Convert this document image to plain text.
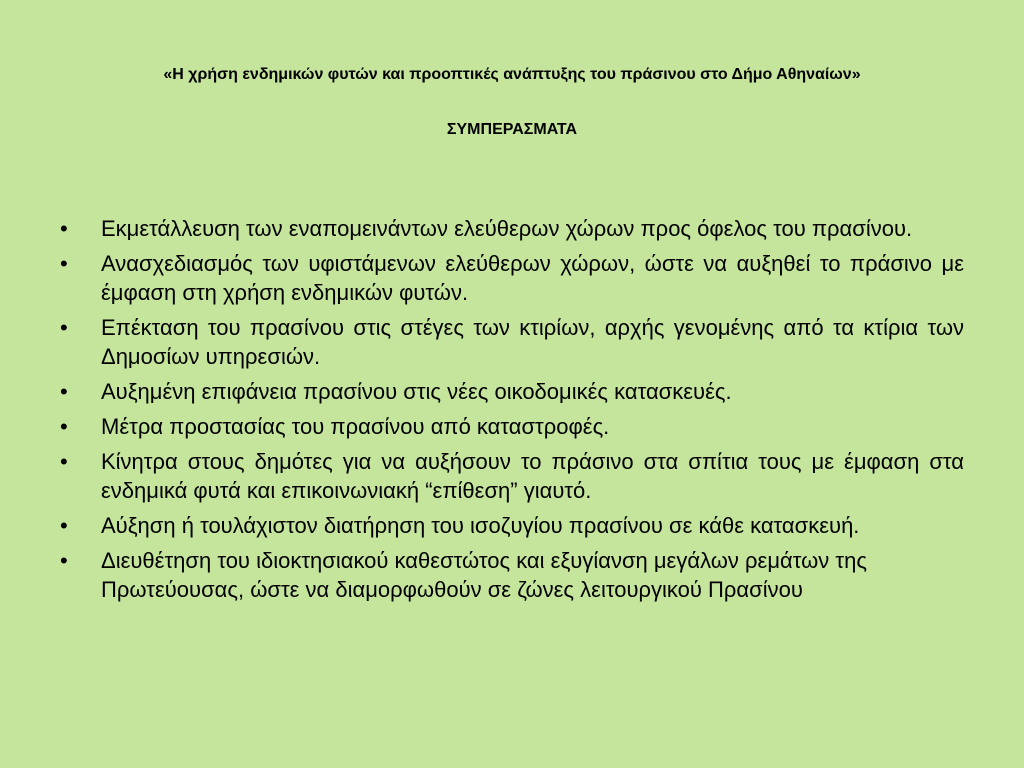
«Η χρήση ενδημικών φυτών και προοπτικές ανάπτυξης του πράσινου στο Δήμο Αθηναίων»
ΣΥΜΠΕΡΑΣΜΑΤΑ
•	Εκμετάλλευση των εναπομεινάντων ελεύθερων χώρων προς όφελος του πρασίνου.
•	Ανασχεδιασμός των υφιστάμενων ελεύθερων χώρων, ώστε να αυξηθεί το πράσινο με έμφαση στη χρήση ενδημικών φυτών.
•	Επέκταση του πρασίνου στις στέγες των κτιρίων, αρχής γενομένης από τα κτίρια των Δημοσίων υπηρεσιών.
•	Αυξημένη επιφάνεια πρασίνου στις νέες οικοδομικές κατασκευές.
•	Μέτρα προστασίας του πρασίνου από καταστροφές.
•	Κίνητρα στους δημότες για να αυξήσουν το πράσινο στα σπίτια τους με έμφαση στα ενδημικά φυτά και επικοινωνιακή “επίθεση” γιαυτό.
•	Αύξηση ή τουλάχιστον διατήρηση του ισοζυγίου πρασίνου σε κάθε κατασκευή.
•	Διευθέτηση του ιδιοκτησιακού καθεστώτος και εξυγίανση μεγάλων ρεμάτων της Πρωτεύουσας, ώστε να διαμορφωθούν σε ζώνες λειτουργικού Πρασίνου
